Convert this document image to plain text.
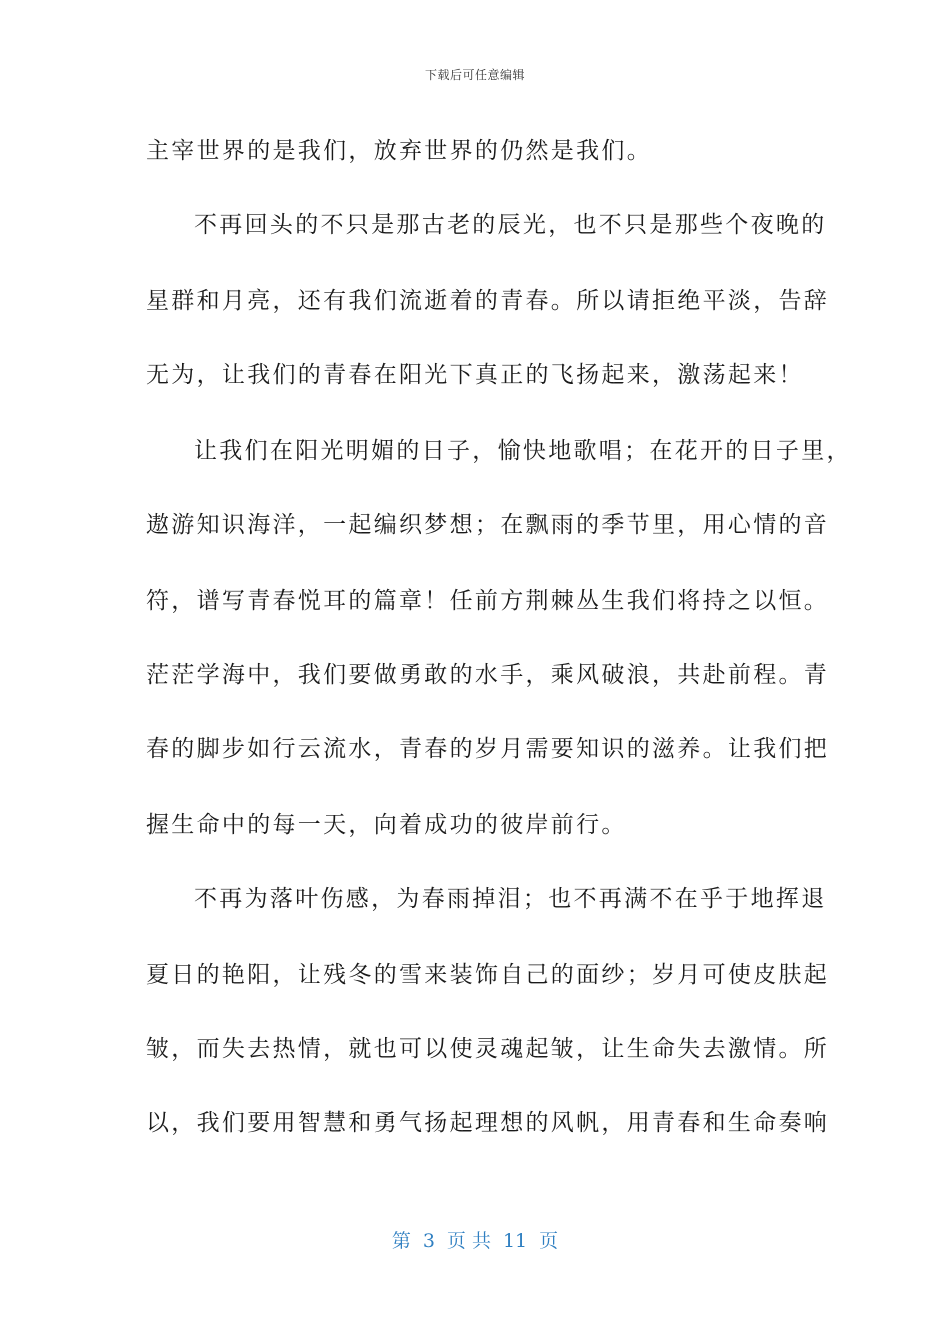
下载后可任意编辑
主宰世界的是我们，放弃世界的仍然是我们。
不再回头的不只是那古老的辰光，也不只是那些个夜晚的
星群和月亮，还有我们流逝着的青春。所以请拒绝平淡，告辞
无为，让我们的青春在阳光下真正的飞扬起来，激荡起来！
让我们在阳光明媚的日子，愉快地歌唱；在花开的日子里，
遨游知识海洋，一起编织梦想；在飘雨的季节里，用心情的音
符，谱写青春悦耳的篇章！任前方荆棘丛生我们将持之以恒。
茫茫学海中，我们要做勇敢的水手，乘风破浪，共赴前程。青
春的脚步如行云流水，青春的岁月需要知识的滋养。让我们把
握生命中的每一天，向着成功的彼岸前行。
不再为落叶伤感，为春雨掉泪；也不再满不在乎于地挥退
夏日的艳阳，让残冬的雪来装饰自己的面纱；岁月可使皮肤起
皱，而失去热情，就也可以使灵魂起皱，让生命失去激情。所
以，我们要用智慧和勇气扬起理想的风帆，用青春和生命奏响
第 3 页 共 11 页
